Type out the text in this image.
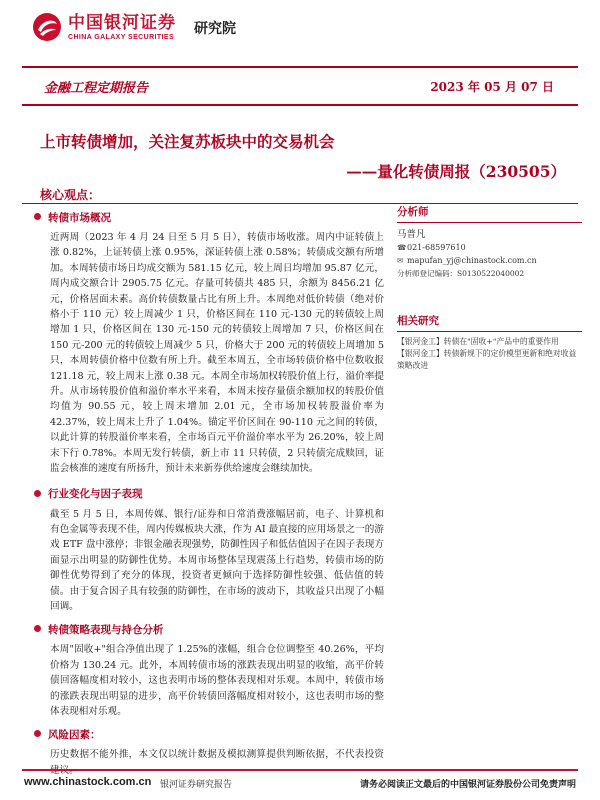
中国银河证券
CHINA GALAXY SECURITIES 研究院
金融工程定期报告	2023 年 05 月 07 日
上市转债增加，关注复苏板块中的交易机会
——量化转债周报（230505）
核心观点：
转债市场概况
近两周（2023 年 4 月 24 日至 5 月 5 日），转债市场收涨。周内中证转债上涨 0.82%，上证转债上涨 0.95%，深证转债上涨 0.58%；转债成交额有所增加。本周转债市场日均成交额为 581.15 亿元，较上周日均增加 95.87 亿元，周内成交额合计 2905.75 亿元。存量可转债共 485 只，余额为 8456.21 亿元，价格居面未素。高价转债数量占比有所上升。本周绝对低价转债（绝对价格小于 110 元）较上周减少 1 只，价格区间在 110 元-130 元的转债较上周增加 1 只，价格区间在 130 元-150 元的转债较上周增加 7 只，价格区间在 150 元-200 元的转债较上周减少 5 只，价格大于 200 元的转债较上周增加 5 只，本周转债价格中位数有所上升。截至本周五，全市场转债价格中位数收报 121.18 元，较上周末上涨 0.38 元。本周全市场加权转股价值上行，溢价率提升。从市场转股价值和溢价率水平来看，本周末按存量债余额加权的转股价值均值为 90.55 元，较上周末增加 2.01 元，全市场加权转股溢价率为 42.37%，较上周末上升了 1.04%。锚定平价区间在 90-110 元之间的转债，以此计算的转股溢价率来看，全市场百元平价溢价率水平为 26.20%，较上周末下行 0.78%。本周无发行转债，新上市 11 只转债，2 只转债完成赎回，证监会核准的速度有所扬升，预计未来新券供给速度会继续加快。
行业变化与因子表现
截至 5 月 5 日，本周传媒、银行/证券和日常消费涨幅居前，电子、计算机和有色金属等表现不佳，周内传媒板块大涨，作为 AI 最直接的应用场景之一的游戏 ETF 盘中涨停；非银金融表现强势，防御性因子和低估值因子在因子表现方面显示出明显的防御性优势。本周市场整体呈现震荡上行趋势，转债市场的防御性优势得到了充分的体现，投资者更倾向于选择防御性较强、低估值的转债。由于复合因子具有较强的防御性，在市场的波动下，其收益只出现了小幅回调。
转债策略表现与持仓分析
本周"固收+"组合净值出现了 1.25%的涨幅，组合仓位调整至 40.26%，平均价格为 130.24 元。此外，本周转债市场的涨跌表现出明显的收缩，高平价转债回落幅度相对较小，这也表明市场的整体表现相对乐观。本周中，转债市场的涨跌表现出明显的进步，高平价转债回落幅度相对较小，这也表明市场的整体表现相对乐观。
风险因素：
历史数据不能外推，本文仅以统计数据及模拟测算提供判断依据，不代表投资
分析师
马普凡
☎ 021-68597610
✉ mapufan_yj@chinastock.com.cn
分析师登记编码：S0130522040002
相关研究
【银河金工】转债在"固收+"产品中的重要作用
【银河金工】转债新规下的定价模型更新和绝对收益策略改进
www.chinastock.com.cn 银河证券研究报告	请务必阅读正文最后的中国银河证券股份公司免责声明
